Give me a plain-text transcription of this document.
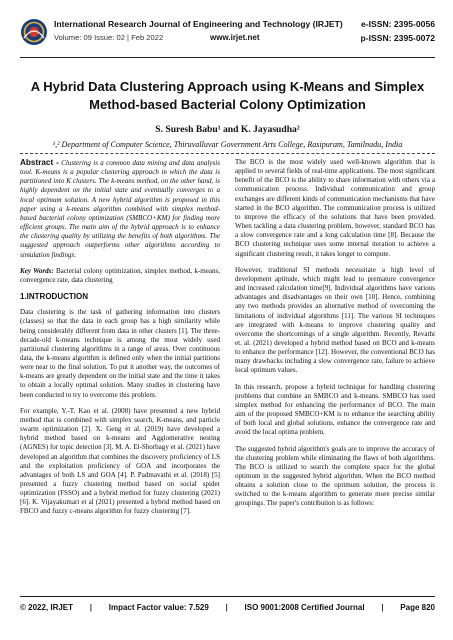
International Research Journal of Engineering and Technology (IRJET)
Volume: 09 Issue: 02 | Feb 2022	www.irjet.net
e-ISSN: 2395-0056
p-ISSN: 2395-0072
A Hybrid Data Clustering Approach using K-Means and Simplex Method-based Bacterial Colony Optimization
S. Suresh Babu¹ and K. Jayasudha²
¹,² Department of Computer Science, Thiruvalluvar Government Arts College, Rasipuram, Tamilnadu, India

Abstract - Clustering is a common data mining and data analysis tool. K-means is a popular clustering approach in which the data is partitioned into K clusters. The k-means method, on the other hand, is highly dependent on the initial state and eventually converges to a local optimum solution. A new hybrid algorithm is proposed in this paper using a k-means algorithm combined with simplex method-based bacterial colony optimization (SMBCO+KM) for finding more efficient groups. The main aim of the hybrid approach is to enhance the clustering quality by utilizing the benefits of both algorithms. The suggested approach outperforms other algorithms according to simulation findings.

Key Words: Bacterial colony optimization, simplex method, k-means, convergence rate, data clustering

1.INTRODUCTION

Data clustering is the task of gathering information into clusters (classes) so that the data in each group has a high similarity while being considerably different from data in other clusters [1]. The three-decade-old k-means technique is among the most widely used partitional clustering algorithms in a range of areas. Over continuous data, the k-means algorithm is defined only when the initial partitions were near to the final solution. To put it another way, the outcomes of k-means are greatly dependent on the initial state and the time it takes to obtain a locally optimal solution. Many studies in clustering have been conducted to try to overcome this problem.

For example, Y.-T. Kao et al. (2008) have presented a new hybrid method that is combined with simplex search, K-means, and particle swarm optimization [2]. X. Geng et al. (2019) have developed a hybrid method based on k-means and Agglomerative nesting (AGNES) for topic detection [3]. M. A. El-Shorbagy et al. (2021) have developed an algorithm that combines the discovery proficiency of LS and the exploitation proficiency of GOA and incorporates the advantages of both LS and GOA [4]. P. Padmavathi et al. (2018) [5] presented a fuzzy clustering method based on social spider optimization (FSSO) and a hybrid method for fuzzy clustering (2021) [6]. K. Vijayakumari et al (2021) presented a hybrid method based on FBCO and fuzzy c-means algorithm for fuzzy clustering [7].

The BCO is the most widely used well-known algorithm that is applied to several fields of real-time applications. The most significant benefit of the BCO is the ability to share information with others via a communication process. Individual communication and group exchanges are different kinds of communication mechanisms that have started in the BCO algorithm. The communication process is utilized to improve the efficacy of the solutions that have been provided. When tackling a data clustering problem, however, standard BCO has a slow convergence rate and a long calculation time [8]. Because the BCO clustering technique uses some internal iteration to achieve a significant clustering result, it takes longer to compute.

However, traditional SI methods necessitate a high level of development aptitude, which might lead to premature convergence and increased calculation time[9]. Individual algorithms have various advantages and disadvantages on their own [10]. Hence, combining any two methods provides an alternative method of overcoming the limitations of individual algorithms [11]. The various SI techniques are integrated with k-means to improve clustering quality and overcome the shortcomings of a single algorithm. Recently, Revathi et. al. (2021) developed a hybrid method based on BCO and k-means to enhance the performance [12]. However, the conventional BCO has many drawbacks including a slow convergence rate, failure to achieve local optimum values.

In this research, propose a hybrid technique for handling clustering problems that combine an SMBCO and k-means. SMBCO has used simplex method for enhancing the performance of BCO. The main aim of the proposed SMBCO+KM is to enhance the searching ability of both local and global solutions, enhance the convergence rate and avoid the local optima problem.

The suggested hybrid algorithm's goals are to improve the accuracy of the clustering problem while eliminating the flaws of both algorithms. The BCO is utilized to search the complete space for the global optimum in the suggested hybrid algorithm. When the BCO method obtains a solution close to the optimum solution, the process is switched to the k-means algorithm to generate more precise similar groupings. The paper's contribution is as follows:

© 2022, IRJET | Impact Factor value: 7.529 | ISO 9001:2008 Certified Journal | Page 820
